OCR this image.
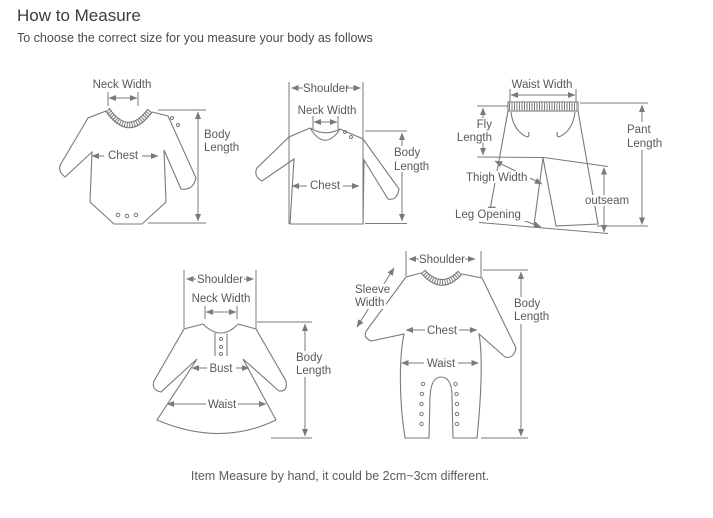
How to Measure
To choose the correct size for you measure your body as follows
Neck Width
Chest
Body
Length
Shoulder
Neck Width
Chest
Body
Length
Waist Width
Fly
Length
Pant
Length
Thigh Width
outseam
Leg Opening
Shoulder
Neck Width
Bust
Waist
Body
Length
Shoulder
Sleeve
Width
Chest
Waist
Body
Length
Item Measure by hand, it could be 2cm~3cm different.
